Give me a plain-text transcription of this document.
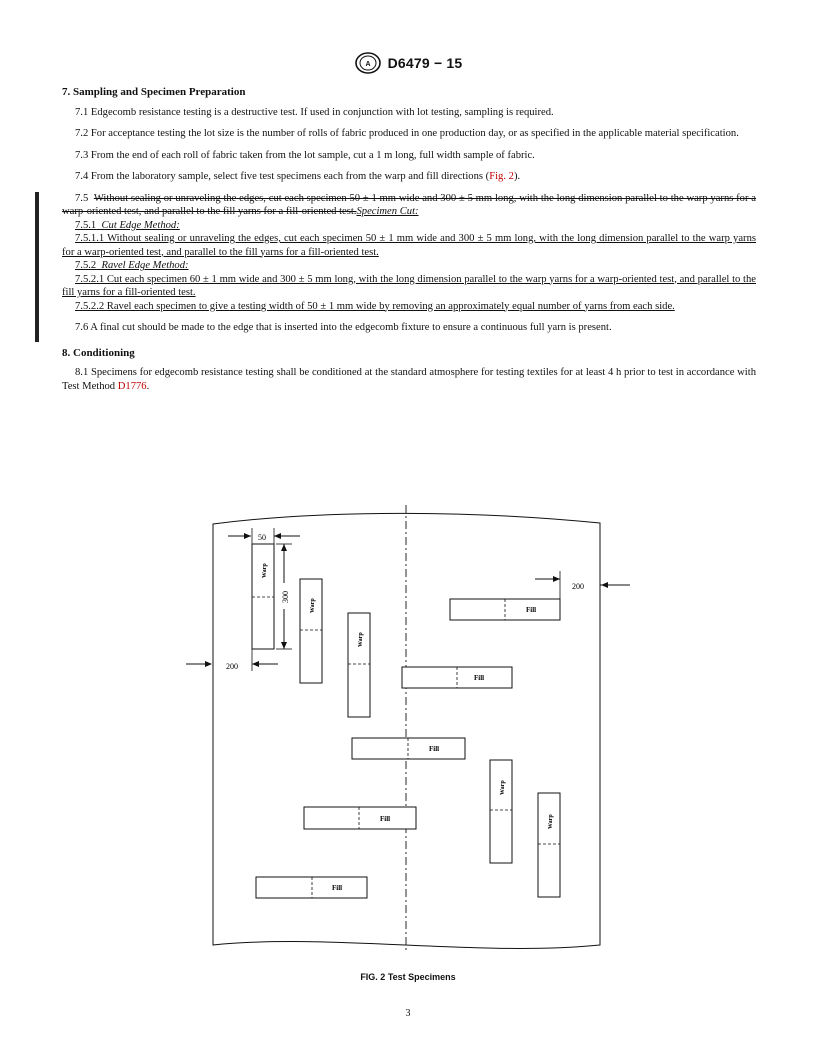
A D6479 − 15
7. Sampling and Specimen Preparation

7.1 Edgecomb resistance testing is a destructive test. If used in conjunction with lot testing, sampling is required.

7.2 For acceptance testing the lot size is the number of rolls of fabric produced in one production day, or as specified in the applicable material specification.

7.3 From the end of each roll of fabric taken from the lot sample, cut a 1 m long, full width sample of fabric.

7.4 From the laboratory sample, select five test specimens each from the warp and fill directions (Fig. 2).

7.5 Without sealing or unraveling the edges, cut each specimen 50 ± 1 mm wide and 300 ± 5 mm long, with the long dimension parallel to the warp yarns for a warp-oriented test, and parallel to the fill yarns for a fill-oriented test.Specimen Cut:

7.5.1 Cut Edge Method:

7.5.1.1 Without sealing or unraveling the edges, cut each specimen 50 ± 1 mm wide and 300 ± 5 mm long, with the long dimension parallel to the warp yarns for a warp-oriented test, and parallel to the fill yarns for a fill-oriented test.

7.5.2 Ravel Edge Method:

7.5.2.1 Cut each specimen 60 ± 1 mm wide and 300 ± 5 mm long, with the long dimension parallel to the warp yarns for a warp-oriented test, and parallel to the fill yarns for a fill-oriented test.

7.5.2.2 Ravel each specimen to give a testing width of 50 ± 1 mm wide by removing an approximately equal number of yarns from each side.

7.6 A final cut should be made to the edge that is inserted into the edgecomb fixture to ensure a continuous full yarn is present.

8. Conditioning

8.1 Specimens for edgecomb resistance testing shall be conditioned at the standard atmosphere for testing textiles for at least 4 h prior to test in accordance with Test Method D1776.

Warp
50
300
200
Warp
Warp
Fill
200
Fill
Fill
Warp
Fill	Warp
Fill
FIG. 2 Test Specimens
3
